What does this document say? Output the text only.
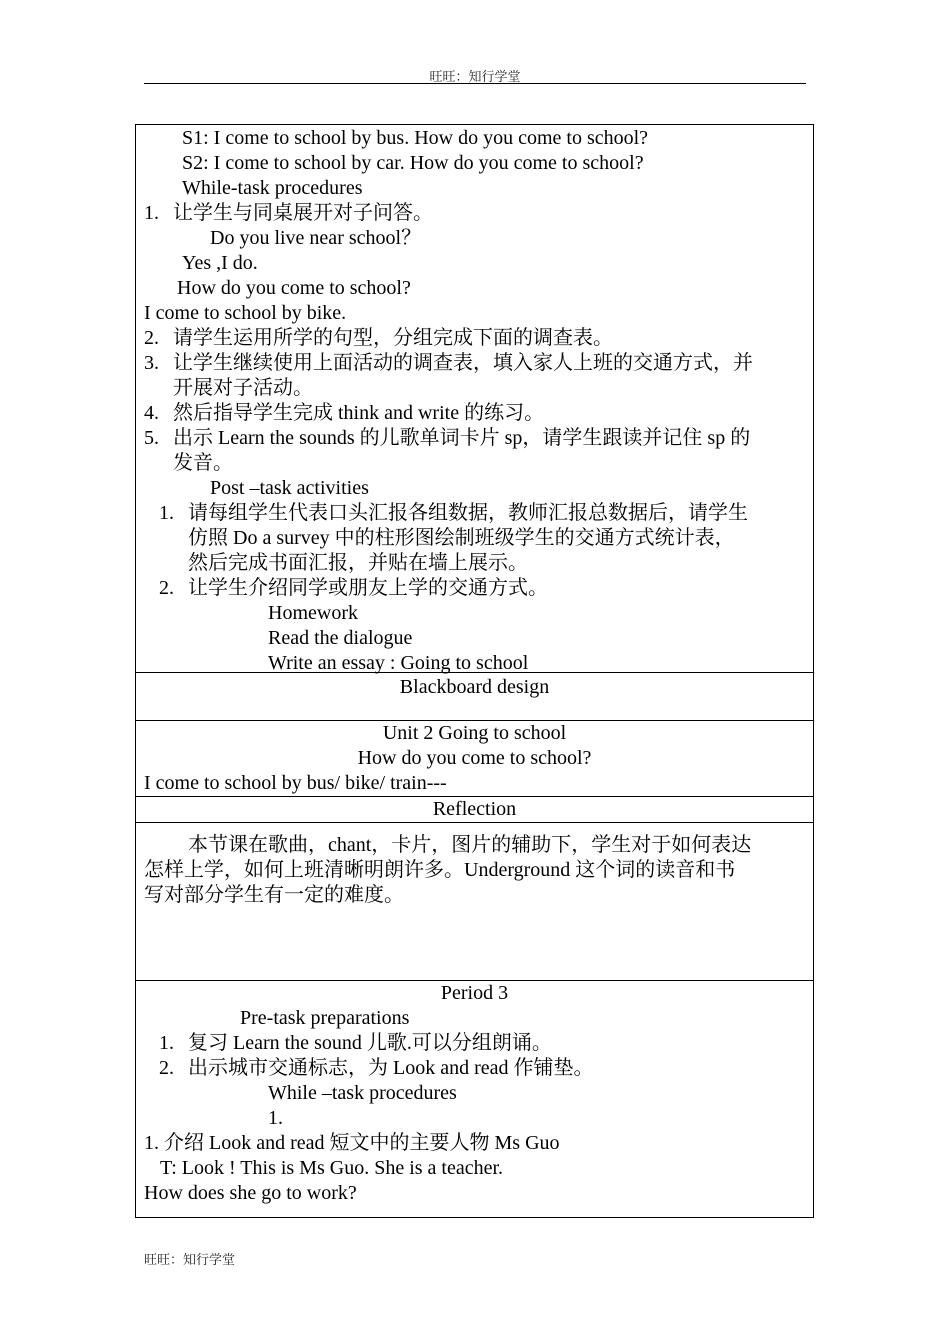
旺旺：知行学堂
S1: I come to school by bus. How do you come to school?
S2: I come to school by car. How do you come to school?
While-task procedures
1. 让学生与同桌展开对子问答。
Do you live near school？
Yes ,I do.
How do you come to school?
I come to school by bike.
2. 请学生运用所学的句型，分组完成下面的调查表。
3. 让学生继续使用上面活动的调查表，填入家人上班的交通方式，并
开展对子活动。
4. 然后指导学生完成 think and write 的练习。
5. 出示 Learn the sounds 的儿歌单词卡片 sp，请学生跟读并记住 sp 的
发音。
Post –task activities
1. 请每组学生代表口头汇报各组数据，教师汇报总数据后，请学生
仿照 Do a survey 中的柱形图绘制班级学生的交通方式统计表，
然后完成书面汇报，并贴在墙上展示。
2. 让学生介绍同学或朋友上学的交通方式。
Homework
Read the dialogue
Write an essay : Going to school
Blackboard design
Unit 2 Going to school
How do you come to school?
I come to school by bus/ bike/ train---
Reflection
本节课在歌曲，chant，卡片，图片的辅助下，学生对于如何表达
怎样上学，如何上班清晰明朗许多。Underground 这个词的读音和书
写对部分学生有一定的难度。
Period 3
Pre-task preparations
1. 复习 Learn the sound 儿歌.可以分组朗诵。
2. 出示城市交通标志，为 Look and read 作铺垫。
While –task procedures
1.
1. 介绍 Look and read 短文中的主要人物 Ms Guo
T: Look ! This is Ms Guo. She is a teacher.
How does she go to work?
旺旺：知行学堂
